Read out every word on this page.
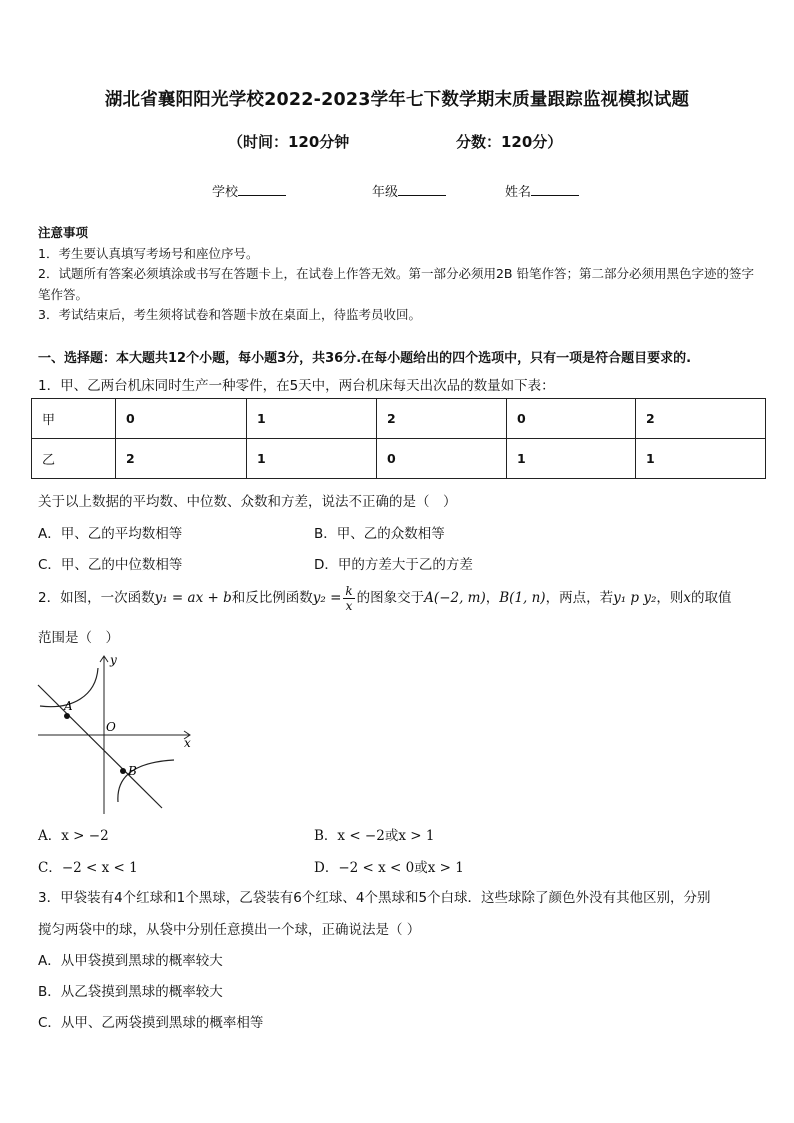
湖北省襄阳阳光学校2022-2023学年七下数学期末质量跟踪监视模拟试题
（时间：120分钟	分数：120分）
学校	年级	姓名
注意事项
1．考生要认真填写考场号和座位序号。
2．试题所有答案必须填涂或书写在答题卡上，在试卷上作答无效。第一部分必须用2B 铅笔作答；第二部分必须用黑色字迹的签字笔作答。
3．考试结束后，考生须将试卷和答题卡放在桌面上，待监考员收回。
一、选择题：本大题共12个小题，每小题3分，共36分.在每小题给出的四个选项中，只有一项是符合题目要求的.
1．甲、乙两台机床同时生产一种零件，在5天中，两台机床每天出次品的数量如下表：
甲	0	1	2	0	2
乙	2	1	0	1	1
关于以上数据的平均数、中位数、众数和方差，说法不正确的是（　）
A．甲、乙的平均数相等	B．甲、乙的众数相等
C．甲、乙的中位数相等	D．甲的方差大于乙的方差
2．如图，一次函数y₁ = ax + b和反比例函数$y_2 = \frac{k}{x}$ 的图象交于A(−2, m)，B(1, n)，两点，若y₁ p y₂，则x的取值
范围是（　）
y
x
O
A
B
A．x > −2	B．x < −2或x > 1
C．−2 < x < 1	D．−2 < x < 0或x > 1
3．甲袋装有4个红球和1个黑球，乙袋装有6个红球、4个黑球和5个白球．这些球除了颜色外没有其他区别，分别
搅匀两袋中的球，从袋中分别任意摸出一个球，正确说法是（ ）
A．从甲袋摸到黑球的概率较大
B．从乙袋摸到黑球的概率较大
C．从甲、乙两袋摸到黑球的概率相等
